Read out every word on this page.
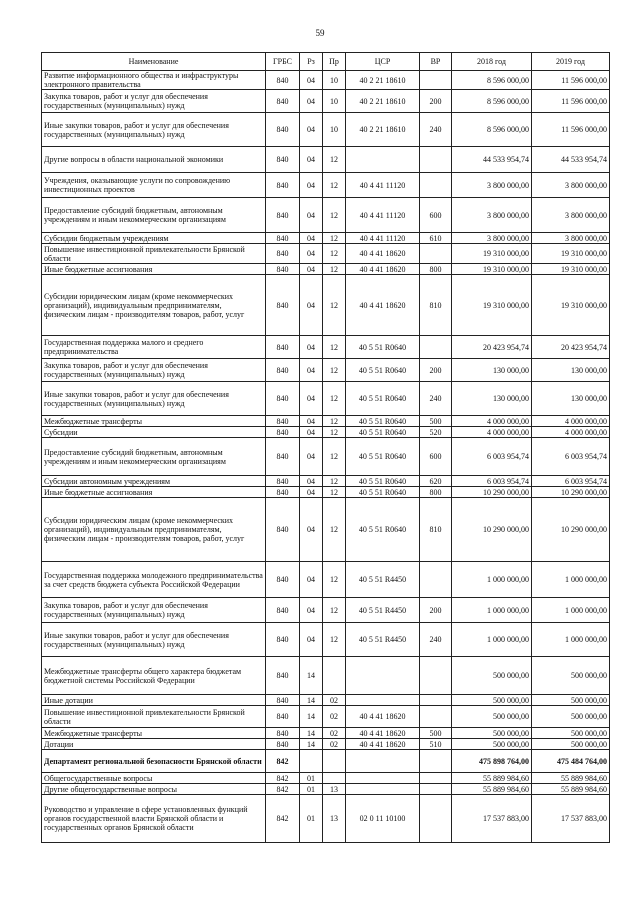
59
Наименование	ГРБС	Рз	Пр	ЦСР	ВР	2018 год	2019 год
Развитие информационного общества и инфраструктуры электронного правительства	840	04	10	40 2 21 18610		8 596 000,00	11 596 000,00
Закупка товаров, работ и услуг для обеспечения государственных (муниципальных) нужд	840	04	10	40 2 21 18610	200	8 596 000,00	11 596 000,00
Иные закупки товаров, работ и услуг для обеспечения государственных (муниципальных) нужд	840	04	10	40 2 21 18610	240	8 596 000,00	11 596 000,00
Другие вопросы в области национальной экономики	840	04	12			44 533 954,74	44 533 954,74
Учреждения, оказывающие услуги по сопровождению инвестиционных проектов	840	04	12	40 4 41 11120		3 800 000,00	3 800 000,00
Предоставление субсидий бюджетным, автономным учреждениям и иным некоммерческим организациям	840	04	12	40 4 41 11120	600	3 800 000,00	3 800 000,00
Субсидии бюджетным учреждениям	840	04	12	40 4 41 11120	610	3 800 000,00	3 800 000,00
Повышение инвестиционной привлекательности Брянской области	840	04	12	40 4 41 18620		19 310 000,00	19 310 000,00
Иные бюджетные ассигнования	840	04	12	40 4 41 18620	800	19 310 000,00	19 310 000,00
Субсидии юридическим лицам (кроме некоммерческих организаций), индивидуальным предпринимателям, физическим лицам - производителям товаров, работ, услуг	840	04	12	40 4 41 18620	810	19 310 000,00	19 310 000,00
Государственная поддержка малого и среднего предпринимательства	840	04	12	40 5 51 R0640		20 423 954,74	20 423 954,74
Закупка товаров, работ и услуг для обеспечения государственных (муниципальных) нужд	840	04	12	40 5 51 R0640	200	130 000,00	130 000,00
Иные закупки товаров, работ и услуг для обеспечения государственных (муниципальных) нужд	840	04	12	40 5 51 R0640	240	130 000,00	130 000,00
Межбюджетные трансферты	840	04	12	40 5 51 R0640	500	4 000 000,00	4 000 000,00
Субсидии	840	04	12	40 5 51 R0640	520	4 000 000,00	4 000 000,00
Предоставление субсидий бюджетным, автономным учреждениям и иным некоммерческим организациям	840	04	12	40 5 51 R0640	600	6 003 954,74	6 003 954,74
Субсидии автономным учреждениям	840	04	12	40 5 51 R0640	620	6 003 954,74	6 003 954,74
Иные бюджетные ассигнования	840	04	12	40 5 51 R0640	800	10 290 000,00	10 290 000,00
Субсидии юридическим лицам (кроме некоммерческих организаций), индивидуальным предпринимателям, физическим лицам - производителям товаров, работ, услуг	840	04	12	40 5 51 R0640	810	10 290 000,00	10 290 000,00
Государственная поддержка молодежного предпринимательства за счет средств бюджета субъекта Российской Федерации	840	04	12	40 5 51 R4450		1 000 000,00	1 000 000,00
Закупка товаров, работ и услуг для обеспечения государственных (муниципальных) нужд	840	04	12	40 5 51 R4450	200	1 000 000,00	1 000 000,00
Иные закупки товаров, работ и услуг для обеспечения государственных (муниципальных) нужд	840	04	12	40 5 51 R4450	240	1 000 000,00	1 000 000,00
Межбюджетные трансферты общего характера бюджетам бюджетной системы Российской Федерации	840	14				500 000,00	500 000,00
Иные дотации	840	14	02			500 000,00	500 000,00
Повышение инвестиционной привлекательности Брянской области	840	14	02	40 4 41 18620		500 000,00	500 000,00
Межбюджетные трансферты	840	14	02	40 4 41 18620	500	500 000,00	500 000,00
Дотации	840	14	02	40 4 41 18620	510	500 000,00	500 000,00
Департамент региональной безопасности Брянской области	842					475 898 764,00	475 484 764,00
Общегосударственные вопросы	842	01				55 889 984,60	55 889 984,60
Другие общегосударственные вопросы	842	01	13			55 889 984,60	55 889 984,60
Руководство и управление в сфере установленных функций органов государственной власти Брянской области и государственных органов Брянской области	842	01	13	02 0 11 10100		17 537 883,00	17 537 883,00
